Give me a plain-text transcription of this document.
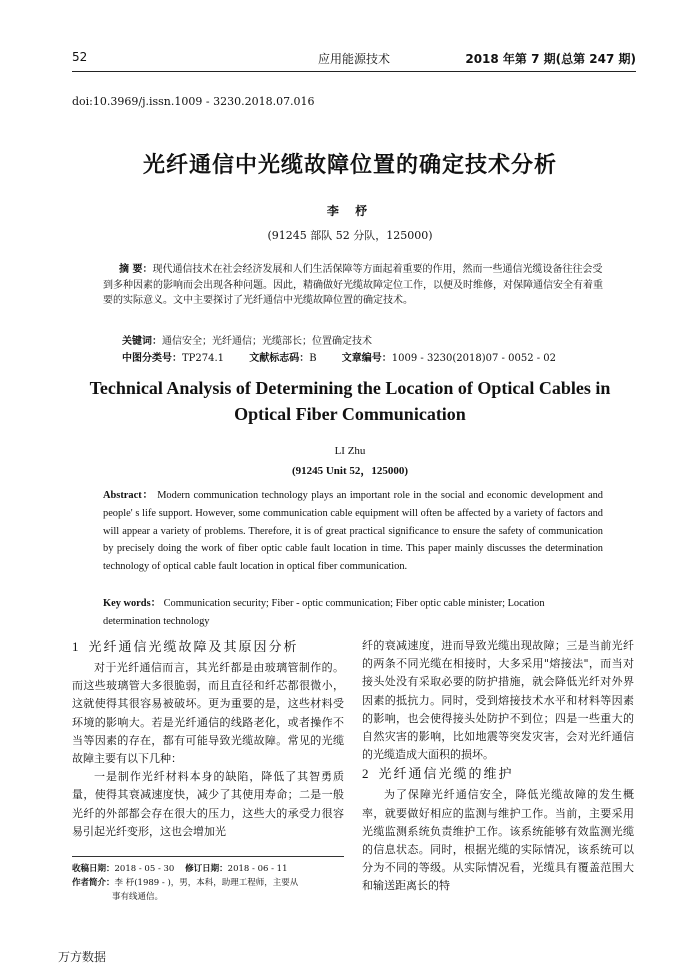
52	应用能源技术	2018 年第 7 期(总第 247 期)
doi:10.3969/j.issn.1009 - 3230.2018.07.016
光纤通信中光缆故障位置的确定技术分析
李 杼
(91245 部队 52 分队，125000)
摘 要：现代通信技术在社会经济发展和人们生活保障等方面起着重要的作用，然而一些通信光缆设备往往会受到多种因素的影响而会出现各种问题。因此，精确做好光缆故障定位工作，以便及时维修，对保障通信安全有着重要的实际意义。文中主要探讨了光纤通信中光缆故障位置的确定技术。
关键词：通信安全；光纤通信；光缆部长；位置确定技术
中图分类号：TP274.1	文献标志码：B	文章编号：1009 - 3230(2018)07 - 0052 - 02
Technical Analysis of Determining the Location of Optical Cables in Optical Fiber Communication
LI Zhu
(91245 Unit 52，125000)
Abstract： Modern communication technology plays an important role in the social and economic development and people' s life support. However, some communication cable equipment will often be affected by a variety of factors and will appear a variety of problems. Therefore, it is of great practical significance to ensure the safety of communication by precisely doing the work of fiber optic cable fault location in time. This paper mainly discusses the determination technology of optical cable fault location in optical fiber communication.
Key words： Communication security; Fiber - optic communication; Fiber optic cable minister; Location determination technology
1 光纤通信光缆故障及其原因分析

对于光纤通信而言，其光纤都是由玻璃管制作的。而这些玻璃管大多很脆弱，而且直径和纤芯都很微小，这就使得其很容易被破坏。更为重要的是，这些材料受环境的影响大。若是光纤通信的线路老化，或者操作不当等因素的存在，都有可能导致光缆故障。常见的光缆故障主要有以下几种：

一是制作光纤材料本身的缺陷，降低了其智勇质量，使得其衰减速度快，减少了其使用寿命；二是一般光纤的外部都会存在很大的压力，这些大的承受力很容易引起光纤变形，这也会增加光

纤的衰减速度，进而导致光缆出现故障；三是当前光纤的两条不同光缆在相接时，大多采用"熔接法"，而当对接头处没有采取必要的防护措施，就会降低光纤对外界因素的抵抗力。同时，受到熔接技术水平和材料等因素的影响，也会使得接头处防护不到位；四是一些重大的自然灾害的影响，比如地震等突发灾害，会对光纤通信的光缆造成大面积的损坏。

2 光纤通信光缆的维护

为了保障光纤通信安全，降低光缆故障的发生概率，就要做好相应的监测与维护工作。当前，主要采用光缆监测系统负责维护工作。该系统能够有效监测光缆的信息状态。同时，根据光缆的实际情况，该系统可以分为不同的等级。从实际情况看，光缆具有覆盖范围大和输送距离长的特

收稿日期：2018 - 05 - 30 修订日期：2018 - 06 - 11
作者简介：李 杼(1989 - )，男，本科，助理工程师，主要从
事有线通信。
万方数据
